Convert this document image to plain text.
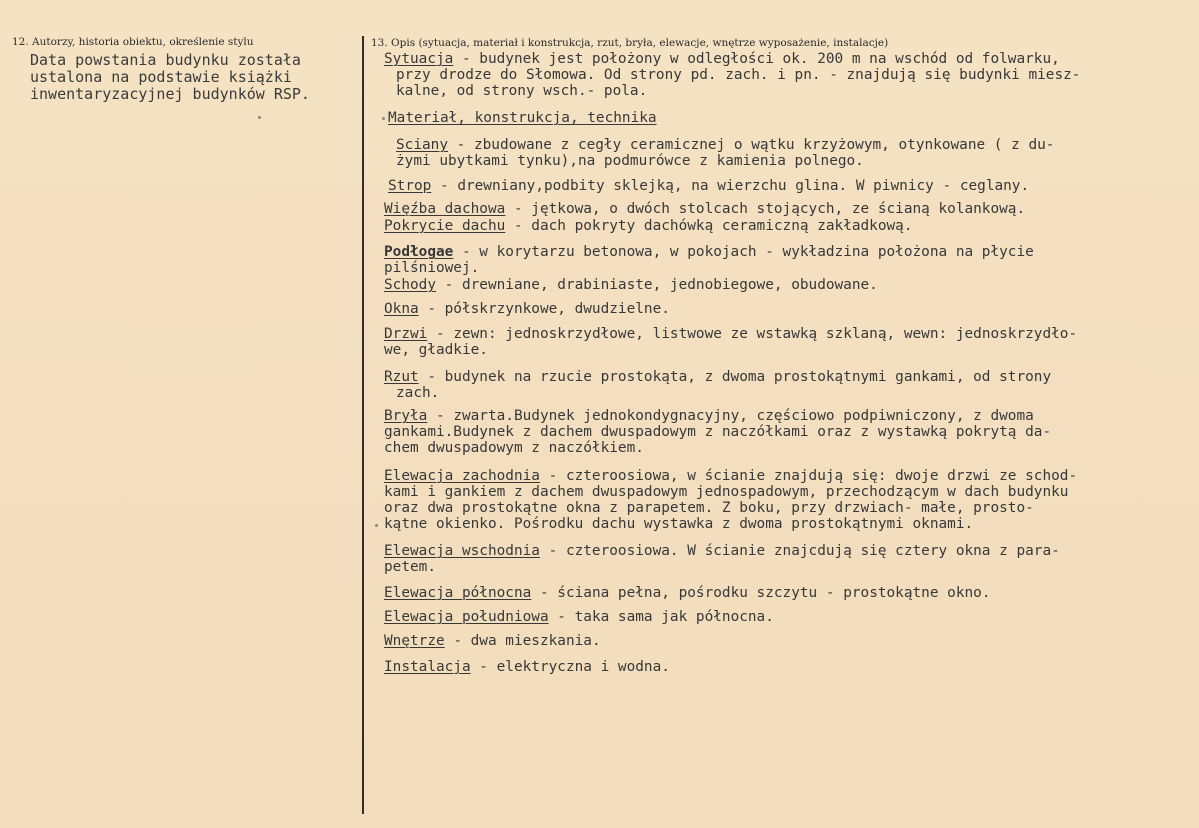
12. Autorzy, historia obiektu, określenie stylu
Data powstania budynku została
ustalona na podstawie książki
inwentaryzacyjnej budynków RSP.
13. Opis (sytuacja, materiał i konstrukcja, rzut, bryła, elewacje, wnętrze wyposażenie, instalacje)
Sytuacja - budynek jest położony w odległości ok. 200 m na wschód od folwarku,
przy drodze do Słomowa. Od strony pd. zach. i pn. - znajdują się budynki miesz-
kalne, od strony wsch.- pola.
Materiał, konstrukcja, technika
Sciany - zbudowane z cegły ceramicznej o wątku krzyżowym, otynkowane ( z du-
żymi ubytkami tynku),na podmurówce z kamienia polnego.
Strop - drewniany,podbity sklejką, na wierzchu glina. W piwnicy - ceglany.
Więźba dachowa - jętkowa, o dwóch stolcach stojących, ze ścianą kolankową.
Pokrycie dachu - dach pokryty dachówką ceramiczną zakładkową.
Podłogae - w korytarzu betonowa, w pokojach - wykładzina położona na płycie
pilśniowej.
Schody - drewniane, drabiniaste, jednobiegowe, obudowane.
Okna - półskrzynkowe, dwudzielne.
Drzwi - zewn: jednoskrzydłowe, listwowe ze wstawką szklaną, wewn: jednoskrzydło-
we, gładkie.
Rzut - budynek na rzucie prostokąta, z dwoma prostokątnymi gankami, od strony
zach.
Bryła - zwarta.Budynek jednokondygnacyjny, częściowo podpiwniczony, z dwoma
gankami.Budynek z dachem dwuspadowym z naczółkami oraz z wystawką pokrytą da-
chem dwuspadowym z naczółkiem.
Elewacja zachodnia - czteroosiowa, w ścianie znajdują się: dwoje drzwi ze schod-
kami i gankiem z dachem dwuspadowym jednospadowym, przechodzącym w dach budynku
oraz dwa prostokątne okna z parapetem. Z boku, przy drzwiach- małe, prosto-
kątne okienko. Pośrodku dachu wystawka z dwoma prostokątnymi oknami.
Elewacja wschodnia - czteroosiowa. W ścianie znajcdują się cztery okna z para-
petem.
Elewacja północna - ściana pełna, pośrodku szczytu - prostokątne okno.
Elewacja południowa - taka sama jak północna.
Wnętrze - dwa mieszkania.
Instalacja - elektryczna i wodna.
